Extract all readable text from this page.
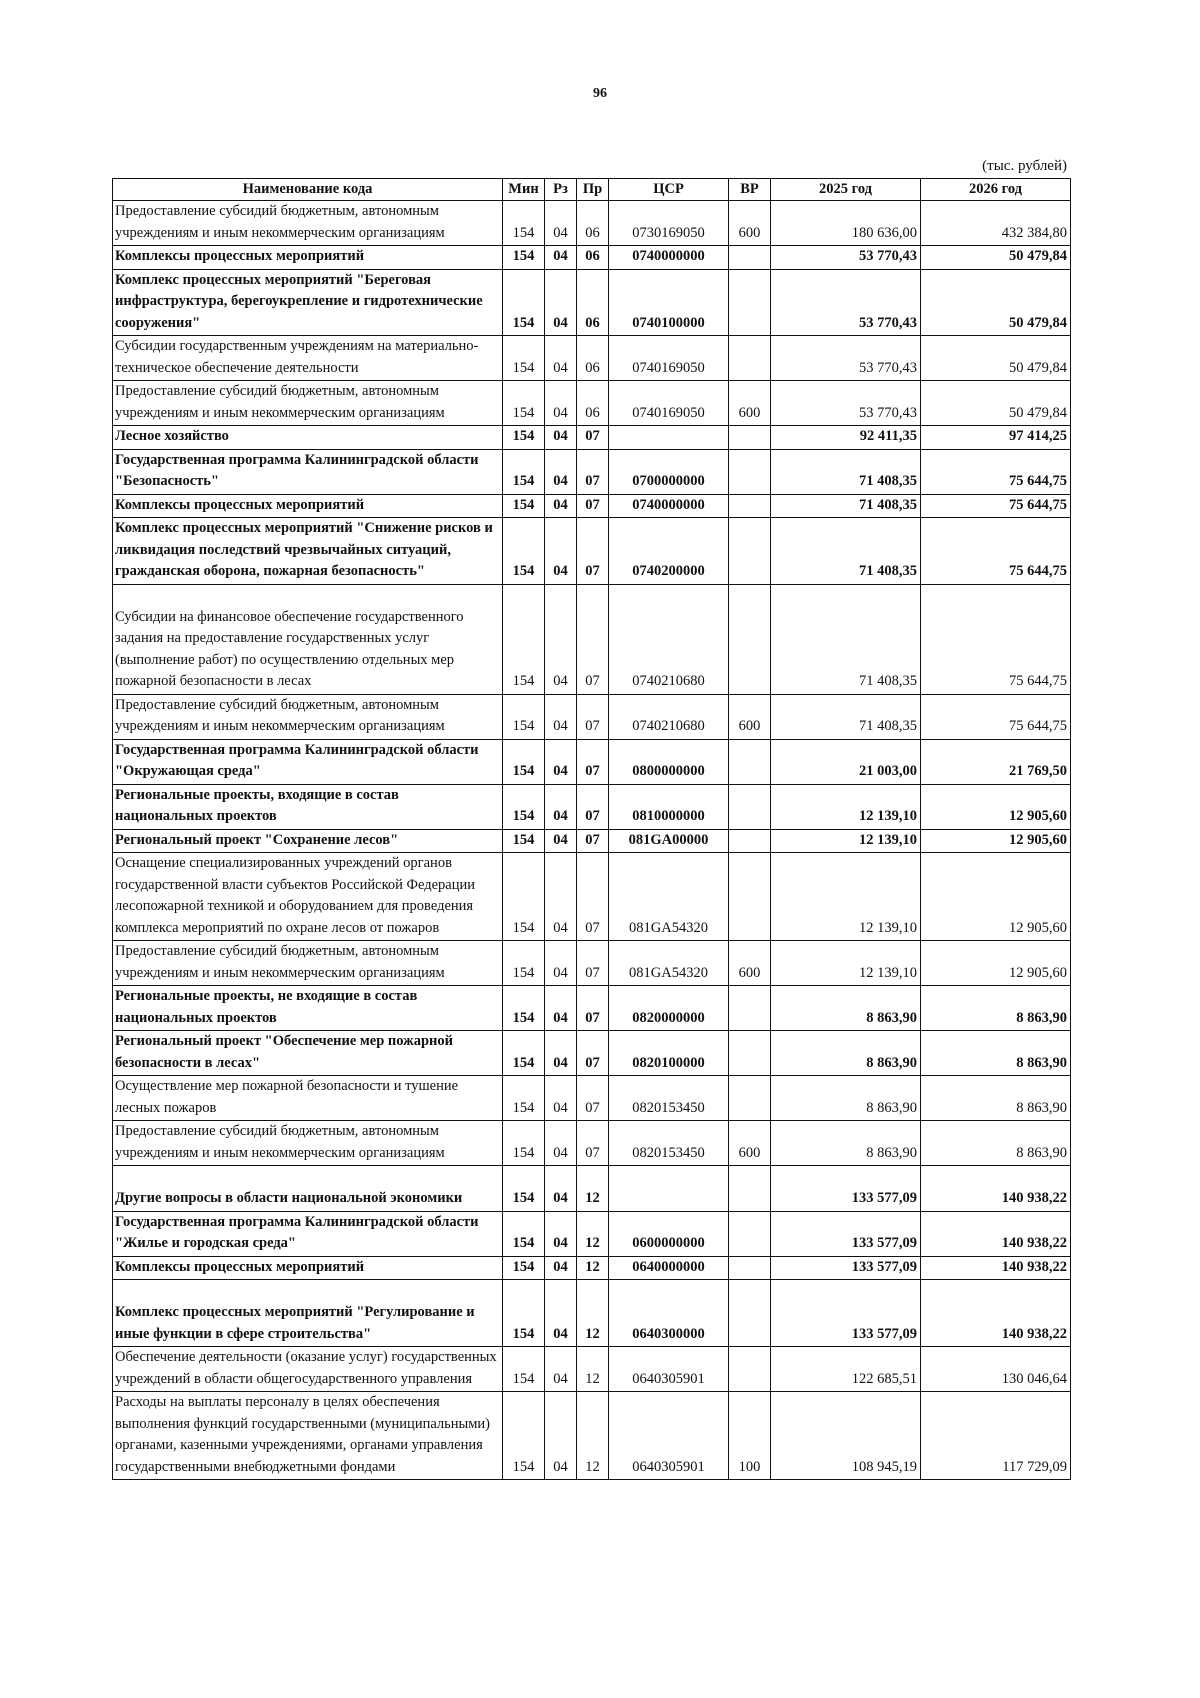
96
(тыс. рублей)
Наименование кода	Мин	Рз	Пр	ЦСР	ВР	2025 год	2026 год
Предоставление субсидий бюджетным, автономным учреждениям и иным некоммерческим организациям	154	04	06	0730169050	600	180 636,00	432 384,80
Комплексы процессных мероприятий	154	04	06	0740000000		53 770,43	50 479,84
Комплекс процессных мероприятий "Береговая инфраструктура, берегоукрепление и гидротехнические сооружения"	154	04	06	0740100000		53 770,43	50 479,84
Субсидии государственным учреждениям на материально-техническое обеспечение деятельности	154	04	06	0740169050		53 770,43	50 479,84
Предоставление субсидий бюджетным, автономным учреждениям и иным некоммерческим организациям	154	04	06	0740169050	600	53 770,43	50 479,84
Лесное хозяйство	154	04	07			92 411,35	97 414,25
Государственная программа Калининградской области "Безопасность"	154	04	07	0700000000		71 408,35	75 644,75
Комплексы процессных мероприятий	154	04	07	0740000000		71 408,35	75 644,75
Комплекс процессных мероприятий "Снижение рисков и ликвидация последствий чрезвычайных ситуаций, гражданская оборона, пожарная безопасность"	154	04	07	0740200000		71 408,35	75 644,75
Субсидии на финансовое обеспечение государственного задания на предоставление государственных услуг (выполнение работ) по осуществлению отдельных мер пожарной безопасности в лесах	154	04	07	0740210680		71 408,35	75 644,75
Предоставление субсидий бюджетным, автономным учреждениям и иным некоммерческим организациям	154	04	07	0740210680	600	71 408,35	75 644,75
Государственная программа Калининградской области "Окружающая среда"	154	04	07	0800000000		21 003,00	21 769,50
Региональные проекты, входящие в состав национальных проектов	154	04	07	0810000000		12 139,10	12 905,60
Региональный проект "Сохранение лесов"	154	04	07	081GA00000		12 139,10	12 905,60
Оснащение специализированных учреждений органов государственной власти субъектов Российской Федерации лесопожарной техникой и оборудованием для проведения комплекса мероприятий по охране лесов от пожаров	154	04	07	081GA54320		12 139,10	12 905,60
Предоставление субсидий бюджетным, автономным учреждениям и иным некоммерческим организациям	154	04	07	081GA54320	600	12 139,10	12 905,60
Региональные проекты, не входящие в состав национальных проектов	154	04	07	0820000000		8 863,90	8 863,90
Региональный проект "Обеспечение мер пожарной безопасности в лесах"	154	04	07	0820100000		8 863,90	8 863,90
Осуществление мер пожарной безопасности и тушение лесных пожаров	154	04	07	0820153450		8 863,90	8 863,90
Предоставление субсидий бюджетным, автономным учреждениям и иным некоммерческим организациям	154	04	07	0820153450	600	8 863,90	8 863,90
Другие вопросы в области национальной экономики	154	04	12			133 577,09	140 938,22
Государственная программа Калининградской области "Жилье и городская среда"	154	04	12	0600000000		133 577,09	140 938,22
Комплексы процессных мероприятий	154	04	12	0640000000		133 577,09	140 938,22
Комплекс процессных мероприятий "Регулирование и иные функции в сфере строительства"	154	04	12	0640300000		133 577,09	140 938,22
Обеспечение деятельности (оказание услуг) государственных учреждений в области общегосударственного управления	154	04	12	0640305901		122 685,51	130 046,64
Расходы на выплаты персоналу в целях обеспечения выполнения функций государственными (муниципальными) органами, казенными учреждениями, органами управления государственными внебюджетными фондами	154	04	12	0640305901	100	108 945,19	117 729,09
